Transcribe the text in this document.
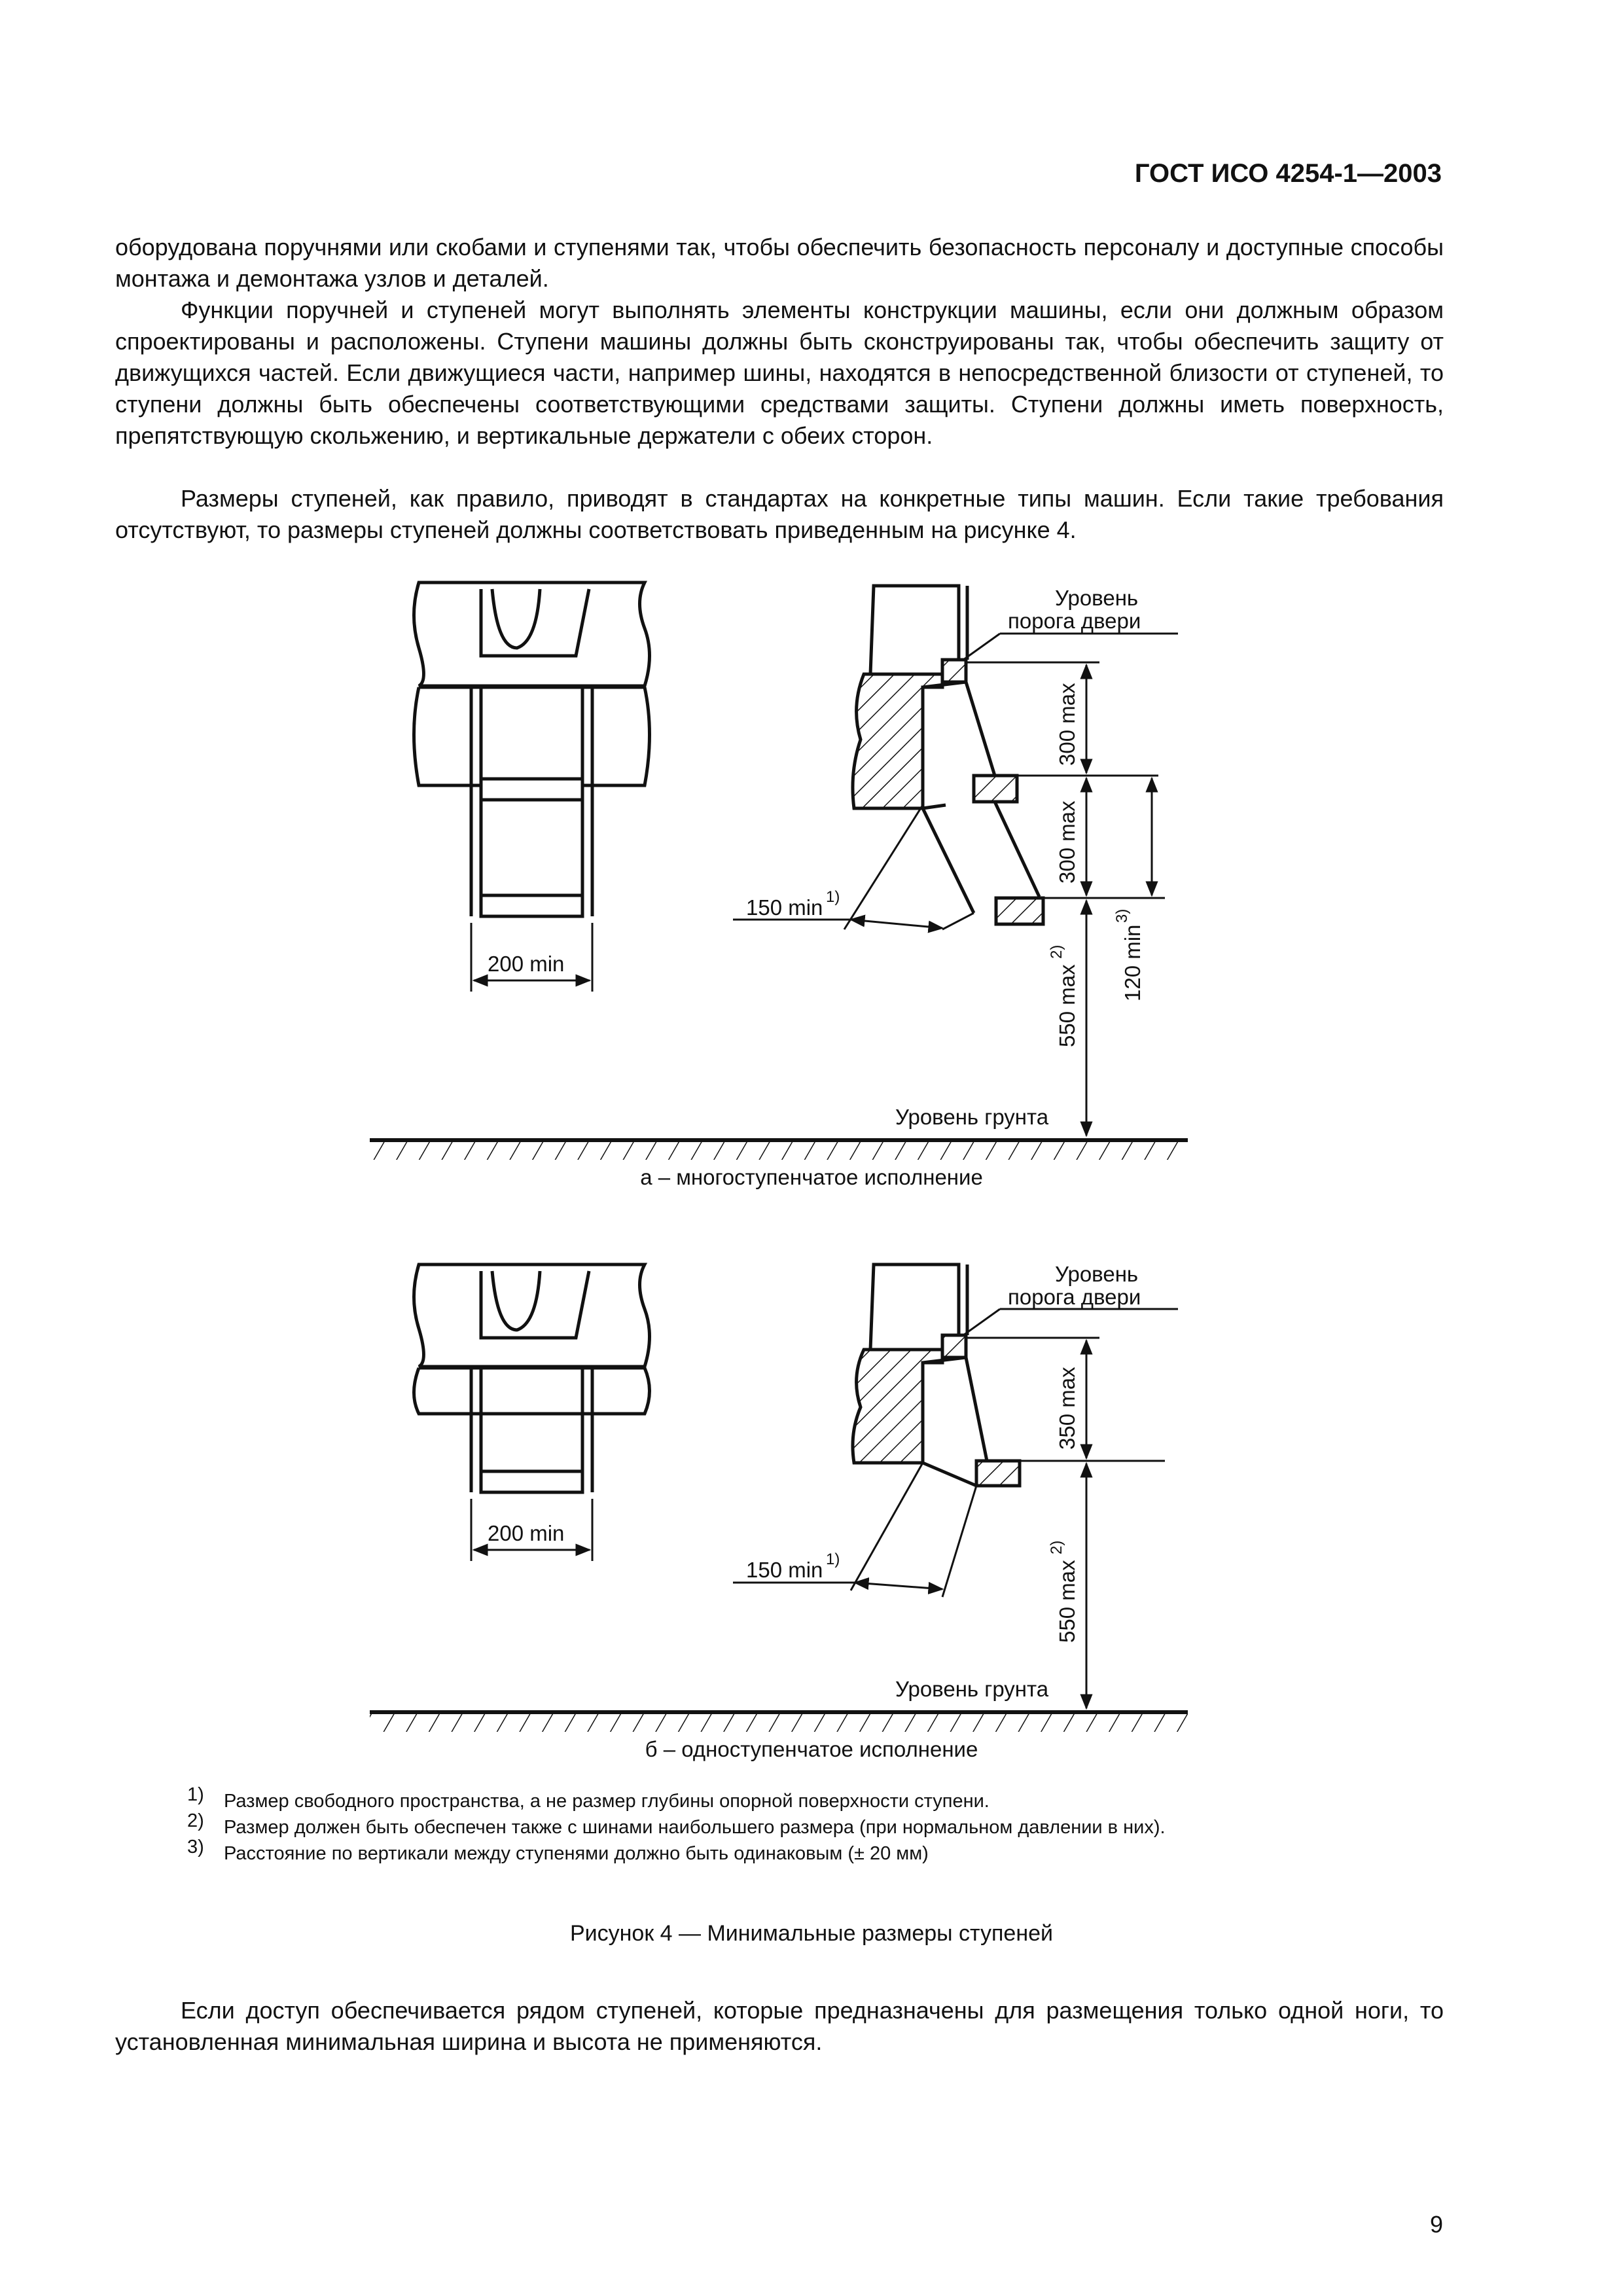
ГОСТ ИСО 4254-1—2003

оборудована поручнями или скобами и ступенями так, чтобы обеспечить безопасность персоналу и доступные способы монтажа и демонтажа узлов и деталей.

Функции поручней и ступеней могут выполнять элементы конструкции машины, если они должным образом спроектированы и расположены. Ступени машины должны быть сконструированы так, чтобы обеспечить защиту от движущихся частей. Если движущиеся части, например шины, находятся в непосредственной близости от ступеней, то ступени должны быть обеспечены соответствующими средствами защиты. Ступени должны иметь поверхность, препятствующую скольжению, и вертикальные держатели с обеих сторон.

Размеры ступеней, как правило, приводят в стандартах на конкретные типы машин. Если такие требования отсутствуют, то размеры ступеней должны соответствовать приведенным на рисунке 4.

200 min
Уровень
порога двери
300 max
300 max
550 max
2)	120 min
3)
150 min 1)
Уровень грунта
а – многоступенчатое исполнение
200 min
Уровень
порога двери
350 max
550 max
2)
150 min 1)
Уровень грунта
б – одноступенчатое исполнение
1)	Размер свободного пространства, а не размер глубины опорной поверхности ступени.
2)	Размер должен быть обеспечен также с шинами наибольшего размера (при нормальном давлении в них).
3)	Расстояние по вертикали между ступенями должно быть одинаковым (± 20 мм)
Рисунок 4 — Минимальные размеры ступеней

Если доступ обеспечивается рядом ступеней, которые предназначены для размещения только одной ноги, то установленная минимальная ширина и высота не применяются.

9
